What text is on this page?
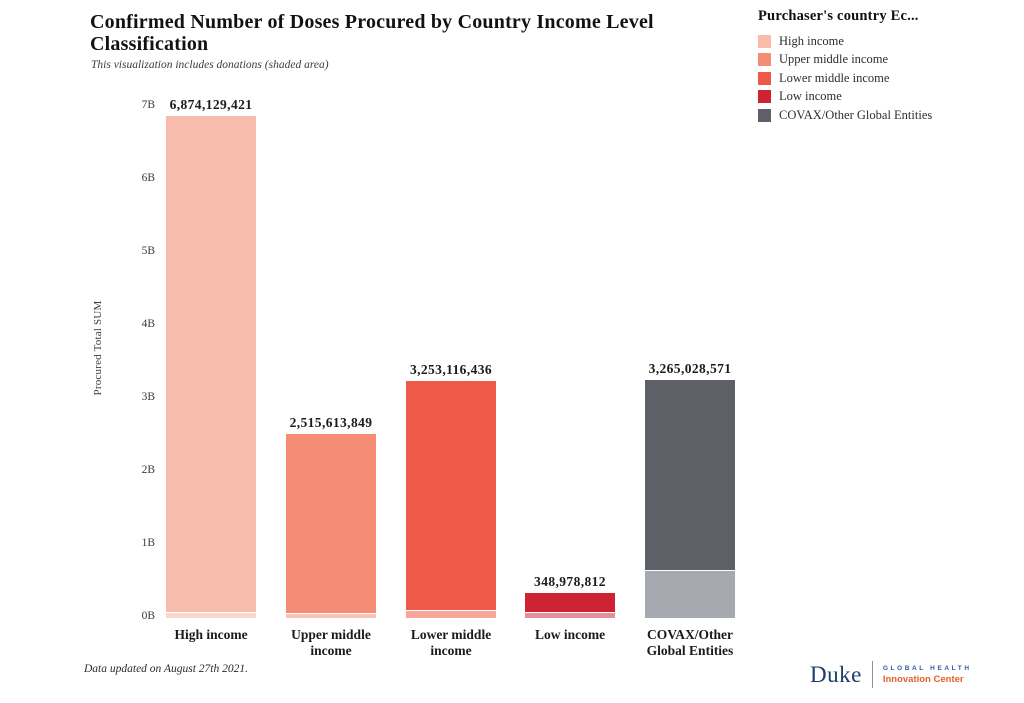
Confirmed Number of Doses Procured by Country Income Level Classification
This visualization includes donations (shaded area)
Purchaser's country Ec...
High income
Upper middle income
Lower middle income
Low income
COVAX/Other Global Entities
Procured Total SUM
0B
1B
2B
3B
4B
5B
6B
7B	6,874,129,421
High income
2,515,613,849
Upper middle income
3,253,116,436
Lower middle income
348,978,812
Low income
3,265,028,571
COVAX/Other Global Entities
Data updated on August 27th 2021.	Duke	GLOBAL HEALTH
Innovation Center
